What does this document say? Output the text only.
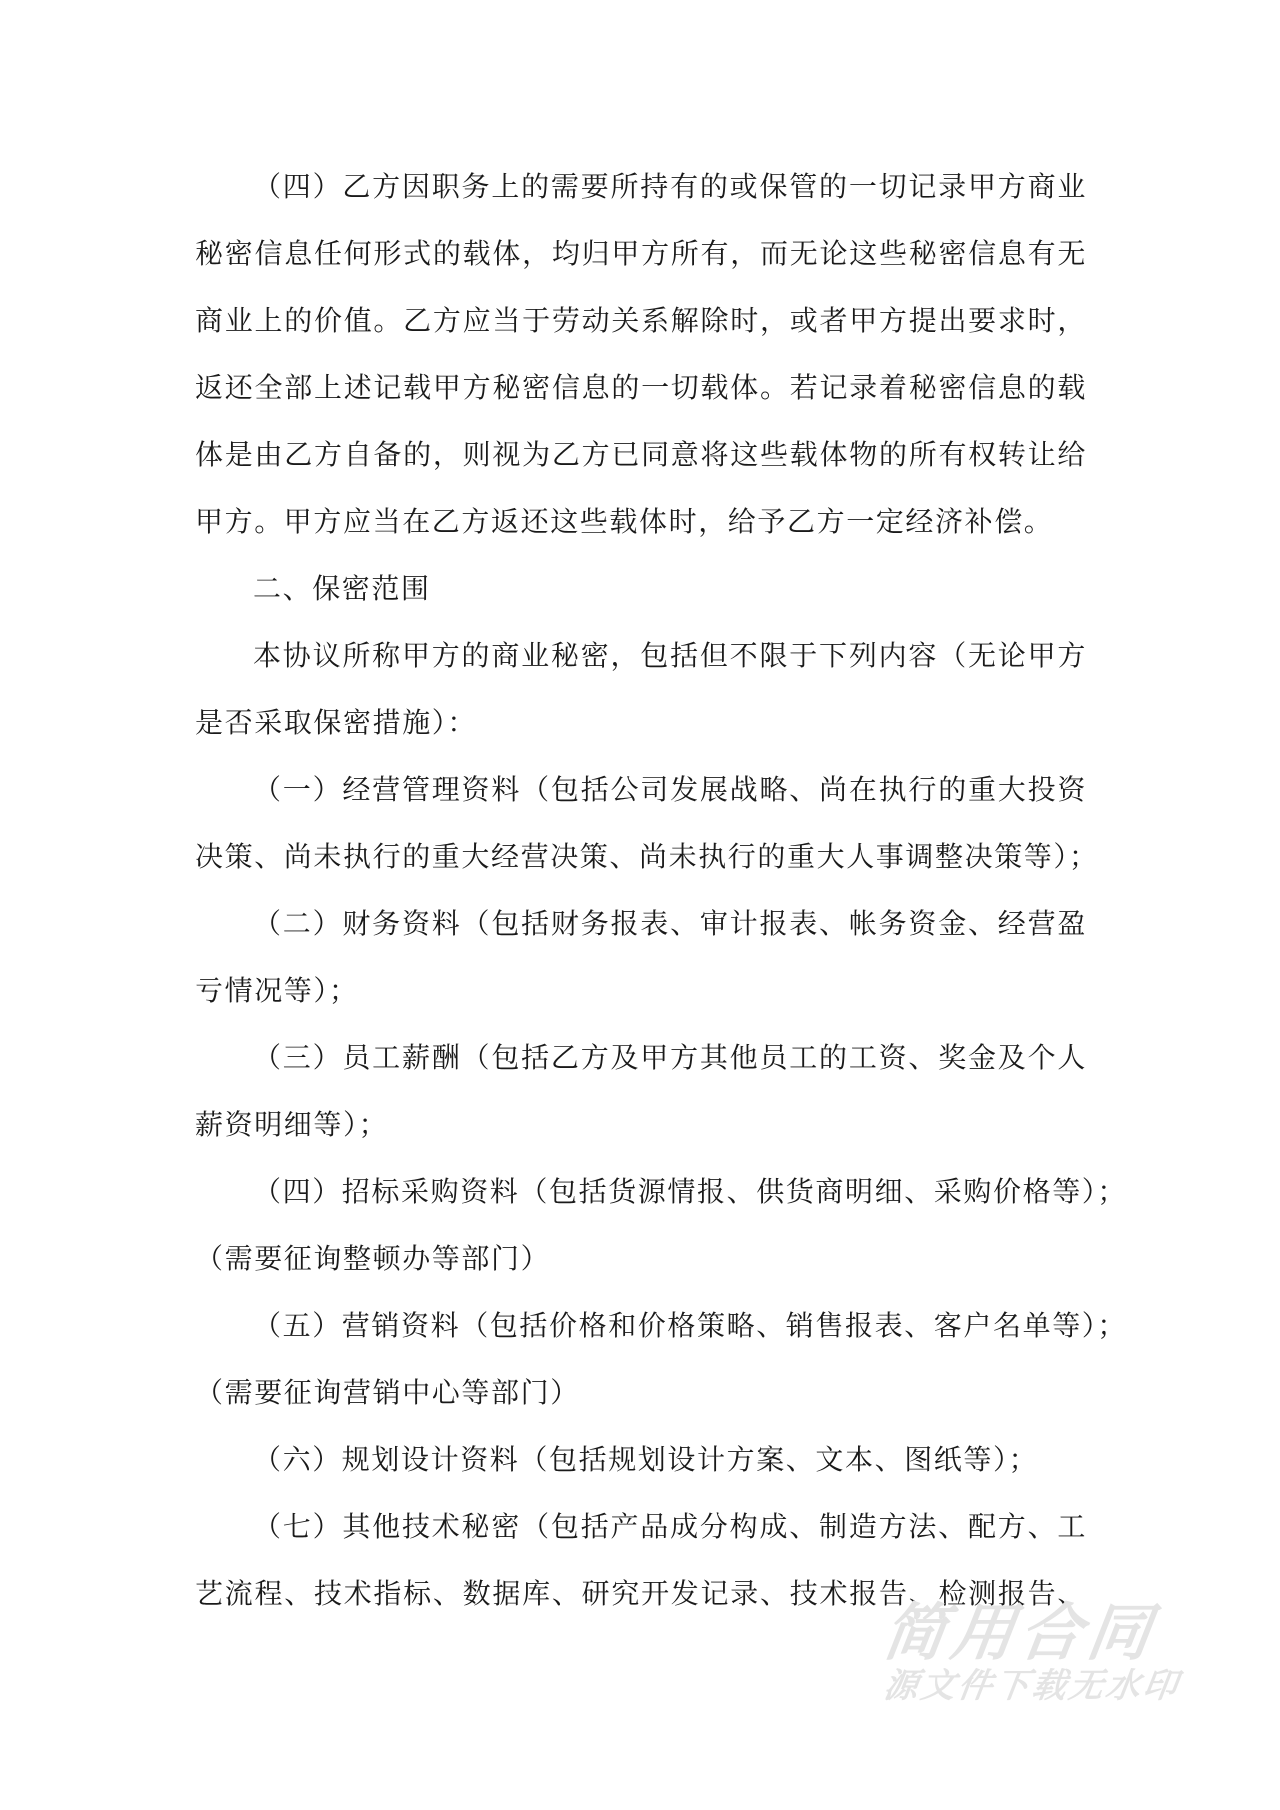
（四）乙方因职务上的需要所持有的或保管的一切记录甲方商业
秘密信息任何形式的载体，均归甲方所有，而无论这些秘密信息有无
商业上的价值。乙方应当于劳动关系解除时，或者甲方提出要求时，
返还全部上述记载甲方秘密信息的一切载体。若记录着秘密信息的载
体是由乙方自备的，则视为乙方已同意将这些载体物的所有权转让给
甲方。甲方应当在乙方返还这些载体时，给予乙方一定经济补偿。
二、保密范围
本协议所称甲方的商业秘密，包括但不限于下列内容（无论甲方
是否采取保密措施）：
（一）经营管理资料（包括公司发展战略、尚在执行的重大投资
决策、尚未执行的重大经营决策、尚未执行的重大人事调整决策等）；
（二）财务资料（包括财务报表、审计报表、帐务资金、经营盈
亏情况等）；
（三）员工薪酬（包括乙方及甲方其他员工的工资、奖金及个人
薪资明细等）；
（四）招标采购资料（包括货源情报、供货商明细、采购价格等）；
（需要征询整顿办等部门）
（五）营销资料（包括价格和价格策略、销售报表、客户名单等）；
（需要征询营销中心等部门）
（六）规划设计资料（包括规划设计方案、文本、图纸等）；
（七）其他技术秘密（包括产品成分构成、制造方法、配方、工
艺流程、技术指标、数据库、研究开发记录、技术报告、检测报告、
简用合同
源文件下载无水印
